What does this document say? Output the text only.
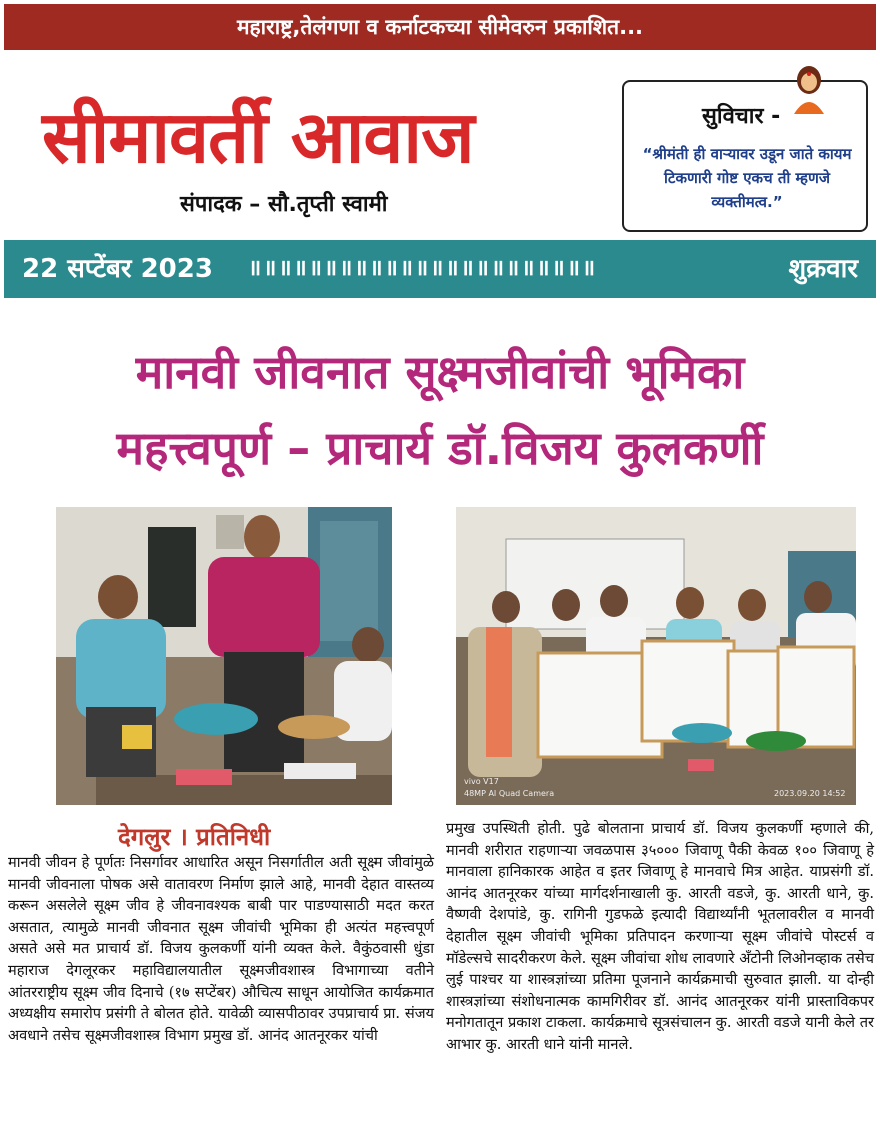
महाराष्ट्र,तेलंगणा व कर्नाटकच्या सीमेवरुन प्रकाशित...
सीमावर्ती आवाज
संपादक – सौ.तृप्ती स्वामी
सुविचार -
“श्रीमंती ही वाऱ्यावर उडून जाते कायम टिकणारी गोष्ट एकच ती म्हणजे व्यक्तीमत्व.”
22 सप्टेंबर 2023 ॥॥॥॥॥॥॥॥॥॥॥॥॥॥॥॥॥॥॥॥॥॥॥	शुक्रवार
मानवी जीवनात सूक्ष्मजीवांची भूमिका
महत्त्वपूर्ण – प्राचार्य डॉ.विजय कुलकर्णी
vivo V17
48MP AI Quad Camera	2023.09.20 14:52
देगलुर । प्रतिनिधी
मानवी जीवन हे पूर्णतः निसर्गावर आधारित असून निसर्गातील अती सूक्ष्म जीवांमुळे मानवी जीवनाला पोषक असे वातावरण निर्माण झाले आहे, मानवी देहात वास्तव्य करून असलेले सूक्ष्म जीव हे जीवनावश्यक बाबी पार पाडण्यासाठी मदत करत असतात, त्यामुळे मानवी जीवनात सूक्ष्म जीवांची भूमिका ही अत्यंत महत्त्वपूर्ण असते असे मत प्राचार्य डॉ. विजय कुलकर्णी यांनी व्यक्त केले. वैकुंठवासी धुंडा महाराज देगलूरकर महाविद्यालयातील सूक्ष्मजीवशास्त्र विभागाच्या वतीने आंतरराष्ट्रीय सूक्ष्म जीव दिनाचे (१७ सप्टेंबर) औचित्य साधून आयोजित कार्यक्रमात अध्यक्षीय समारोप प्रसंगी ते बोलत होते. यावेळी व्यासपीठावर उपप्राचार्य प्रा. संजय अवधाने तसेच सूक्ष्मजीवशास्त्र विभाग प्रमुख डॉ. आनंद आतनूरकर यांची
प्रमुख उपस्थिती होती. पुढे बोलताना प्राचार्य डॉ. विजय कुलकर्णी म्हणाले की, मानवी शरीरात राहणाऱ्या जवळपास ३५००० जिवाणू पैकी केवळ १०० जिवाणू हे मानवाला हानिकारक आहेत व इतर जिवाणू हे मानवाचे मित्र आहेत. याप्रसंगी डॉ. आनंद आतनूरकर यांच्या मार्गदर्शनाखाली कु. आरती वडजे, कु. आरती धाने, कु. वैष्णवी देशपांडे, कु. रागिनी गुडफळे इत्यादी विद्यार्थ्यांनी भूतलावरील व मानवी देहातील सूक्ष्म जीवांची भूमिका प्रतिपादन करणाऱ्या सूक्ष्म जीवांचे पोस्टर्स व मॉडेल्सचे सादरीकरण केले. सूक्ष्म जीवांचा शोध लावणारे अँटोनी लिओनव्हाक तसेच लुई पाश्चर या शास्त्रज्ञांच्या प्रतिमा पूजनाने कार्यक्रमाची सुरुवात झाली. या दोन्ही शास्त्रज्ञांच्या संशोधनात्मक कामगिरीवर डॉ. आनंद आतनूरकर यांनी प्रास्ताविकपर मनोगतातून प्रकाश टाकला. कार्यक्रमाचे सूत्रसंचालन कु. आरती वडजे यानी केले तर आभार कु. आरती धाने यांनी मानले.
